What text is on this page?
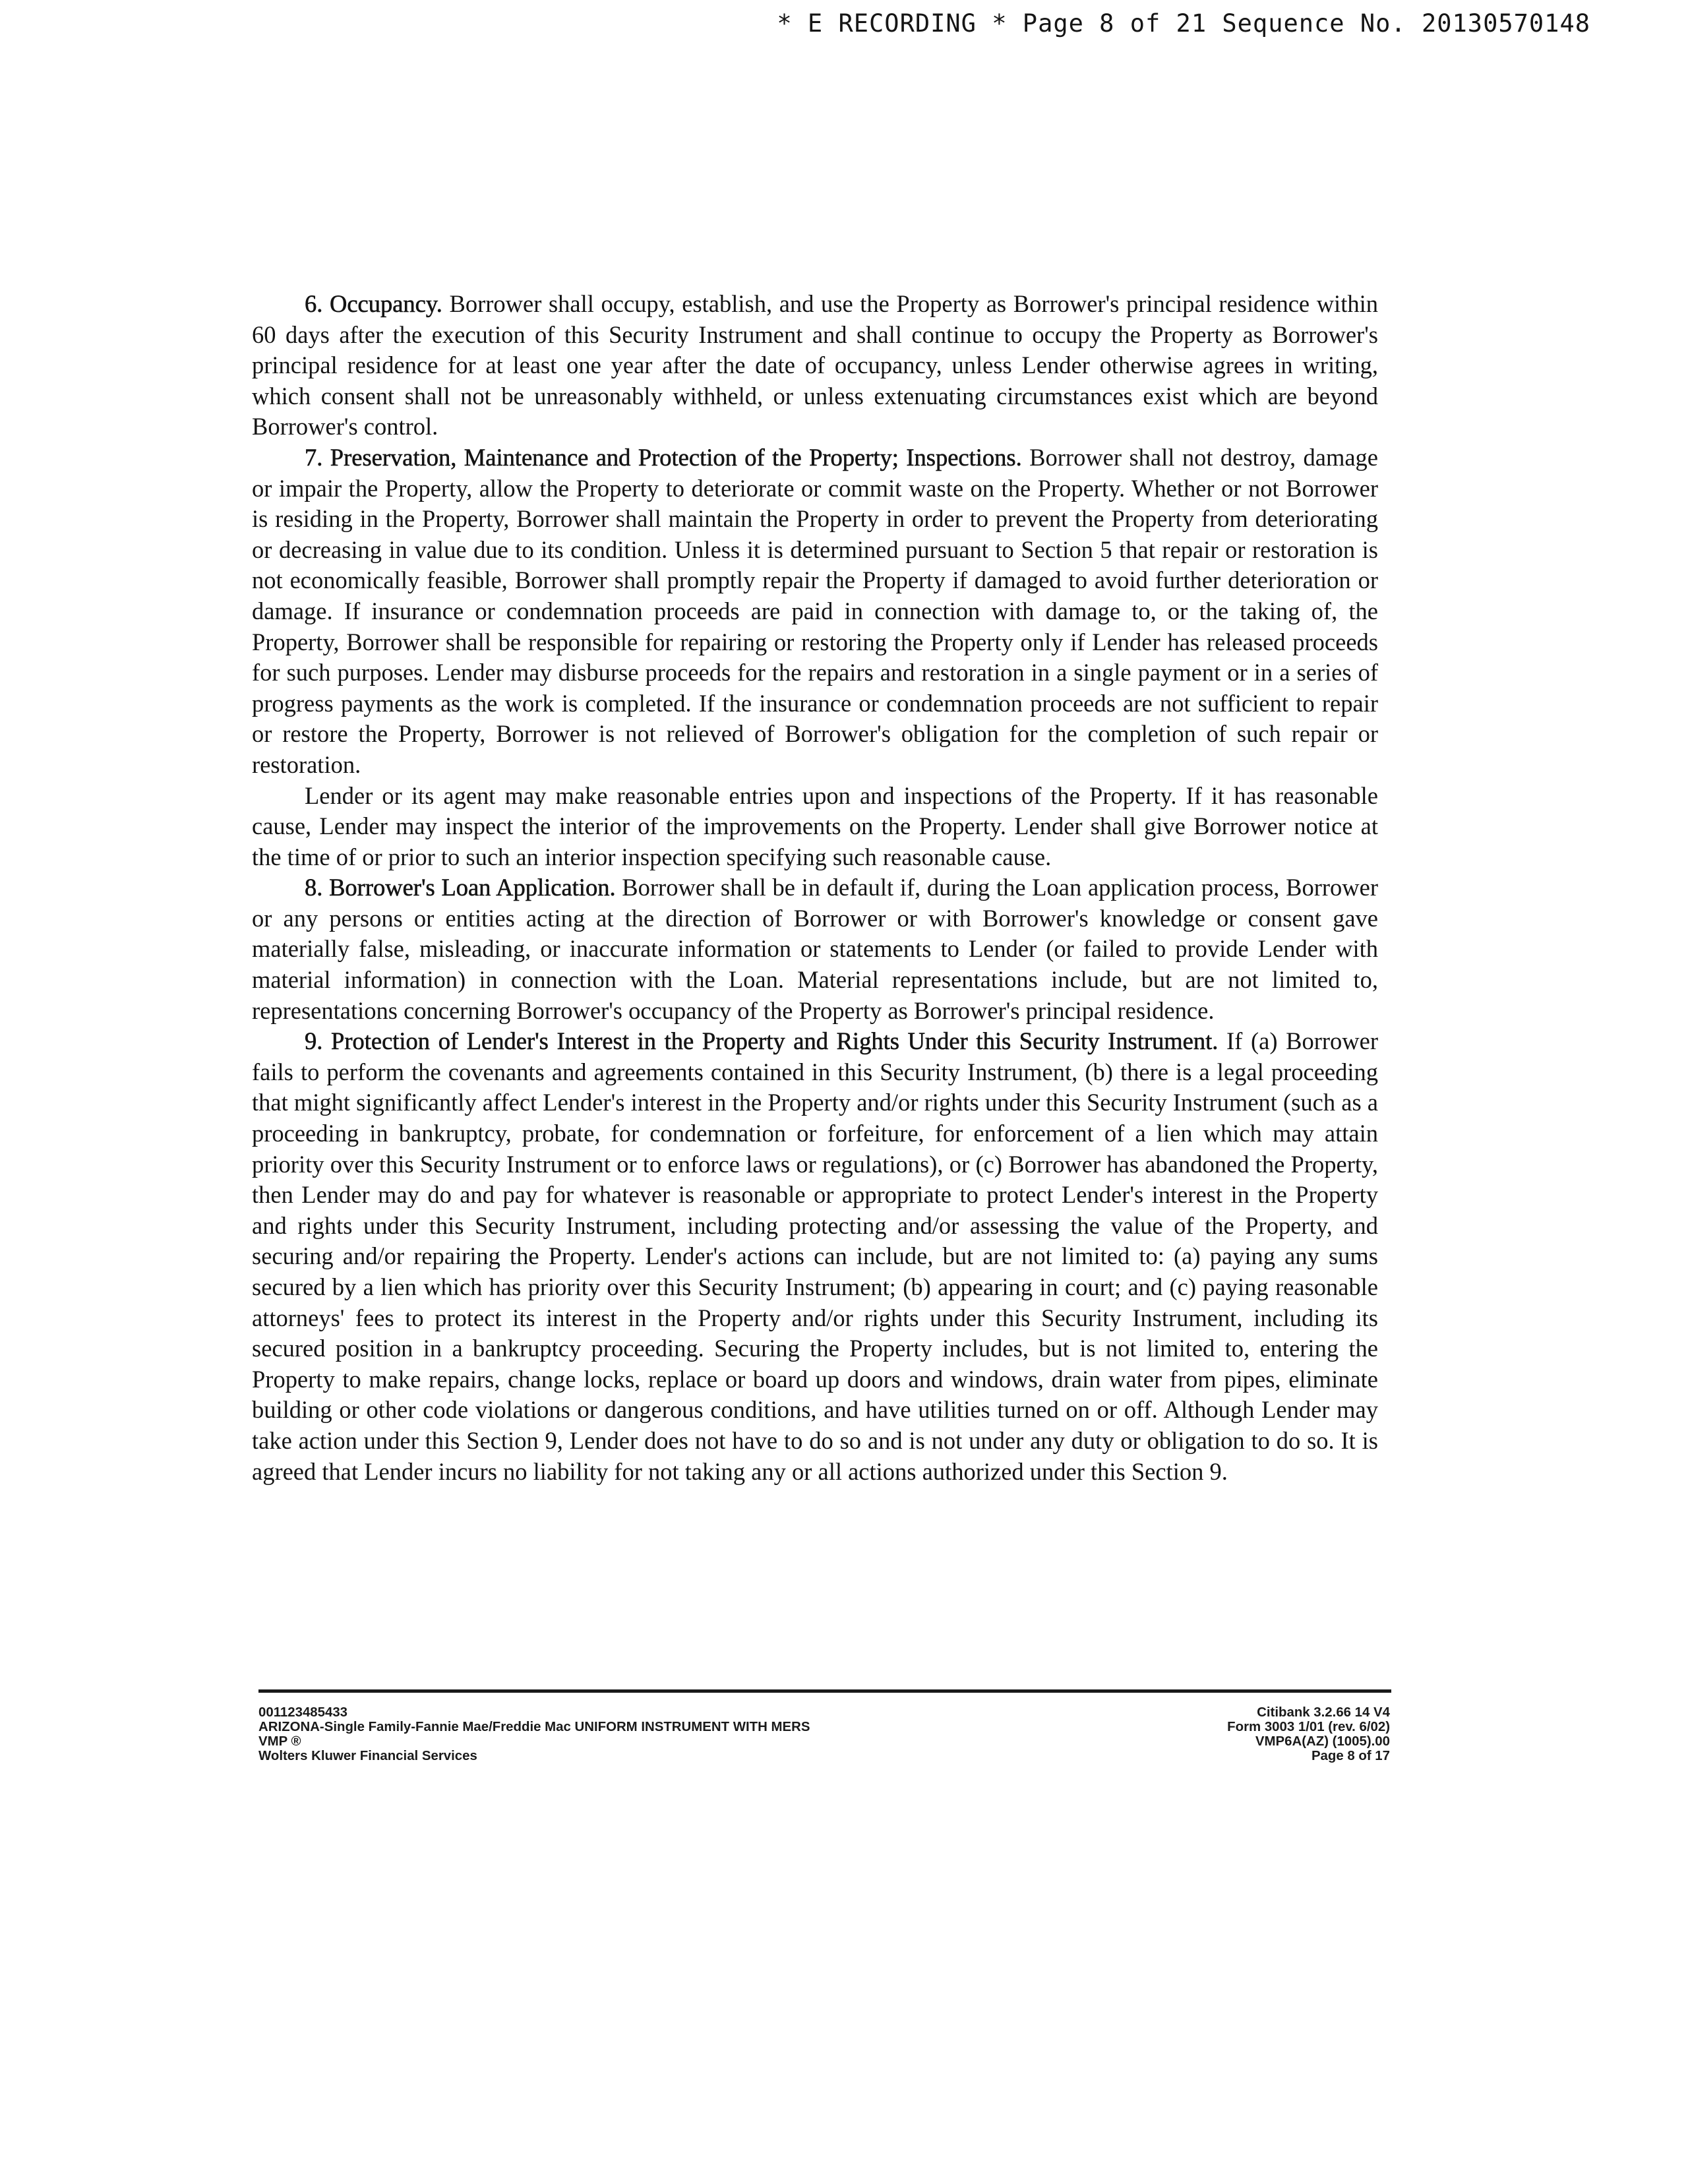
* E RECORDING * Page 8 of 21 Sequence No. 20130570148

6. Occupancy. Borrower shall occupy, establish, and use the Property as Borrower's principal residence within 60 days after the execution of this Security Instrument and shall continue to occupy the Property as Borrower's principal residence for at least one year after the date of occupancy, unless Lender otherwise agrees in writing, which consent shall not be unreasonably withheld, or unless extenuating circumstances exist which are beyond Borrower's control.

7. Preservation, Maintenance and Protection of the Property; Inspections. Borrower shall not destroy, damage or impair the Property, allow the Property to deteriorate or commit waste on the Property. Whether or not Borrower is residing in the Property, Borrower shall maintain the Property in order to prevent the Property from deteriorating or decreasing in value due to its condition. Unless it is determined pursuant to Section 5 that repair or restoration is not economically feasible, Borrower shall promptly repair the Property if damaged to avoid further deterioration or damage. If insurance or condemnation proceeds are paid in connection with damage to, or the taking of, the Property, Borrower shall be responsible for repairing or restoring the Property only if Lender has released proceeds for such purposes. Lender may disburse proceeds for the repairs and restoration in a single payment or in a series of progress payments as the work is completed. If the insurance or condemnation proceeds are not sufficient to repair or restore the Property, Borrower is not relieved of Borrower's obligation for the completion of such repair or restoration.

Lender or its agent may make reasonable entries upon and inspections of the Property. If it has reasonable cause, Lender may inspect the interior of the improvements on the Property. Lender shall give Borrower notice at the time of or prior to such an interior inspection specifying such reasonable cause.

8. Borrower's Loan Application. Borrower shall be in default if, during the Loan application process, Borrower or any persons or entities acting at the direction of Borrower or with Borrower's knowledge or consent gave materially false, misleading, or inaccurate information or statements to Lender (or failed to provide Lender with material information) in connection with the Loan. Material representations include, but are not limited to, representations concerning Borrower's occupancy of the Property as Borrower's principal residence.

9. Protection of Lender's Interest in the Property and Rights Under this Security Instrument. If (a) Borrower fails to perform the covenants and agreements contained in this Security Instrument, (b) there is a legal proceeding that might significantly affect Lender's interest in the Property and/or rights under this Security Instrument (such as a proceeding in bankruptcy, probate, for condemnation or forfeiture, for enforcement of a lien which may attain priority over this Security Instrument or to enforce laws or regulations), or (c) Borrower has abandoned the Property, then Lender may do and pay for whatever is reasonable or appropriate to protect Lender's interest in the Property and rights under this Security Instrument, including protecting and/or assessing the value of the Property, and securing and/or repairing the Property. Lender's actions can include, but are not limited to: (a) paying any sums secured by a lien which has priority over this Security Instrument; (b) appearing in court; and (c) paying reasonable attorneys' fees to protect its interest in the Property and/or rights under this Security Instrument, including its secured position in a bankruptcy proceeding. Securing the Property includes, but is not limited to, entering the Property to make repairs, change locks, replace or board up doors and windows, drain water from pipes, eliminate building or other code violations or dangerous conditions, and have utilities turned on or off. Although Lender may take action under this Section 9, Lender does not have to do so and is not under any duty or obligation to do so. It is agreed that Lender incurs no liability for not taking any or all actions authorized under this Section 9.

001123485433
ARIZONA-Single Family-Fannie Mae/Freddie Mac UNIFORM INSTRUMENT WITH MERS
VMP ®
Wolters Kluwer Financial Services
Citibank 3.2.66 14 V4
Form 3003 1/01 (rev. 6/02)
VMP6A(AZ) (1005).00
Page 8 of 17
